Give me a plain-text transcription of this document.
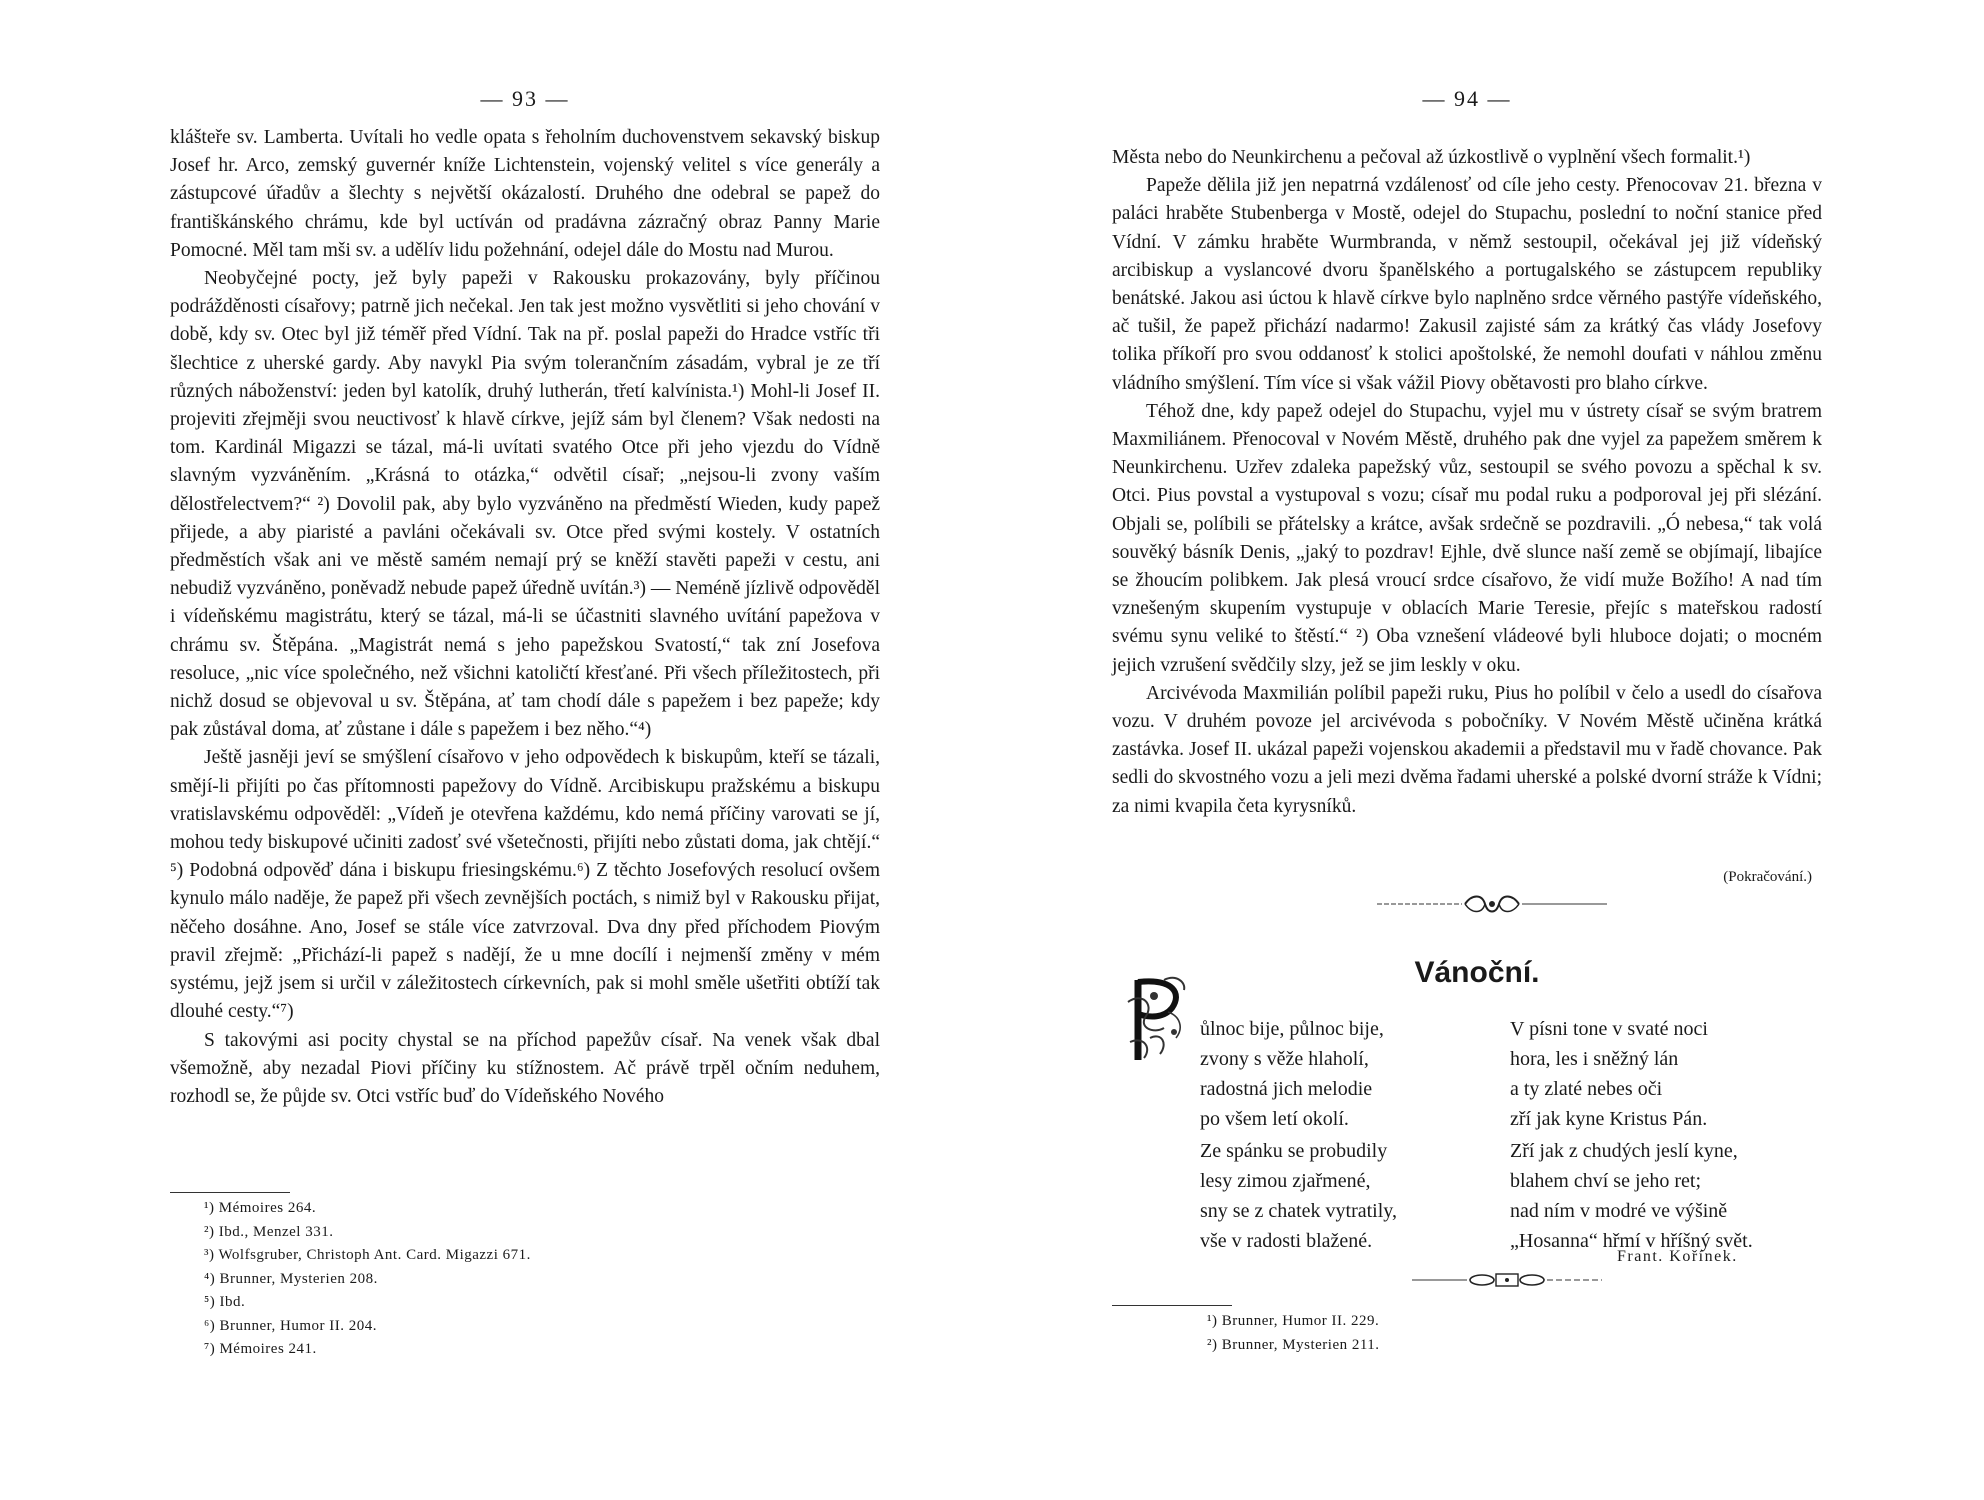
— 93 —

klášteře sv. Lamberta. Uvítali ho vedle opata s řeholním duchovenstvem sekavský biskup Josef hr. Arco, zemský guvernér kníže Lichtenstein, vojenský velitel s více generály a zástupcové úřadův a šlechty s největší okázalostí. Druhého dne odebral se papež do františkánského chrámu, kde byl uctíván od pradávna zázračný obraz Panny Marie Pomocné. Měl tam mši sv. a udělív lidu požehnání, odejel dále do Mostu nad Murou.

Neobyčejné pocty, jež byly papeži v Rakousku prokazovány, byly příčinou podrážděnosti císařovy; patrně jich nečekal. Jen tak jest možno vysvětliti si jeho chování v době, kdy sv. Otec byl již téměř před Vídní. Tak na př. poslal papeži do Hradce vstříc tři šlechtice z uherské gardy. Aby navykl Pia svým tolerančním zásadám, vybral je ze tří různých náboženství: jeden byl katolík, druhý lutherán, třetí kalvínista.¹) Mohl-li Josef II. projeviti zřejměji svou neuctivosť k hlavě církve, jejíž sám byl členem? Však nedosti na tom. Kardinál Migazzi se tázal, má-li uvítati svatého Otce při jeho vjezdu do Vídně slavným vyzváněním. „Krásná to otázka,“ odvětil císař; „nejsou-li zvony vaším dělostřelectvem?“ ²) Dovolil pak, aby bylo vyzváněno na předměstí Wieden, kudy papež přijede, a aby piaristé a pavláni očekávali sv. Otce před svými kostely. V ostatních předměstích však ani ve městě samém nemají prý se kněží stavěti papeži v cestu, ani nebudiž vyzváněno, poněvadž nebude papež úředně uvítán.³) — Neméně jízlivě odpověděl i vídeňskému magistrátu, který se tázal, má-li se účastniti slavného uvítání papežova v chrámu sv. Štěpána. „Magistrát nemá s jeho papežskou Svatostí,“ tak zní Josefova resoluce, „nic více společného, než všichni katoličtí křesťané. Při všech příležitostech, při nichž dosud se objevoval u sv. Štěpána, ať tam chodí dále s papežem i bez papeže; kdy pak zůstával doma, ať zůstane i dále s papežem i bez něho.“⁴)

Ještě jasněji jeví se smýšlení císařovo v jeho odpovědech k biskupům, kteří se tázali, smějí-li přijíti po čas přítomnosti papežovy do Vídně. Arcibiskupu pražskému a biskupu vratislavskému odpověděl: „Vídeň je otevřena každému, kdo nemá příčiny varovati se jí, mohou tedy biskupové učiniti zadosť své všetečnosti, přijíti nebo zůstati doma, jak chtějí.“ ⁵) Podobná odpověď dána i biskupu friesingskému.⁶) Z těchto Josefových resolucí ovšem kynulo málo naděje, že papež při všech zevnějších poctách, s nimiž byl v Rakousku přijat, něčeho dosáhne. Ano, Josef se stále více zatvrzoval. Dva dny před příchodem Piovým pravil zřejmě: „Přichází-li papež s nadějí, že u mne docílí i nejmenší změny v mém systému, jejž jsem si určil v záležitostech církevních, pak si mohl směle ušetřiti obtíží tak dlouhé cesty.“⁷)

S takovými asi pocity chystal se na příchod papežův císař. Na venek však dbal všemožně, aby nezadal Piovi příčiny ku stížnostem. Ač právě trpěl očním neduhem, rozhodl se, že půjde sv. Otci vstříc buď do Vídeňského Nového

¹) Mémoires 264.
²) Ibd., Menzel 331.
³) Wolfsgruber, Christoph Ant. Card. Migazzi 671.
⁴) Brunner, Mysterien 208.
⁵) Ibd.
⁶) Brunner, Humor II. 204.
⁷) Mémoires 241.
— 94 —

Města nebo do Neunkirchenu a pečoval až úzkostlivě o vyplnění všech formalit.¹)

Papeže dělila již jen nepatrná vzdálenosť od cíle jeho cesty. Přenocovav 21. března v paláci hraběte Stubenberga v Mostě, odejel do Stupachu, poslední to noční stanice před Vídní. V zámku hraběte Wurmbranda, v němž sestoupil, očekával jej již vídeňský arcibiskup a vyslancové dvoru španělského a portugalského se zástupcem republiky benátské. Jakou asi úctou k hlavě církve bylo naplněno srdce věrného pastýře vídeňského, ač tušil, že papež přichází nadarmo! Zakusil zajisté sám za krátký čas vlády Josefovy tolika příkoří pro svou oddanosť k stolici apoštolské, že nemohl doufati v náhlou změnu vládního smýšlení. Tím více si však vážil Piovy obětavosti pro blaho církve.

Téhož dne, kdy papež odejel do Stupachu, vyjel mu v ústrety císař se svým bratrem Maxmiliánem. Přenocoval v Novém Městě, druhého pak dne vyjel za papežem směrem k Neunkirchenu. Uzřev zdaleka papežský vůz, sestoupil se svého povozu a spěchal k sv. Otci. Pius povstal a vystupoval s vozu; císař mu podal ruku a podporoval jej při slézání. Objali se, políbili se přátelsky a krátce, avšak srdečně se pozdravili. „Ó nebesa,“ tak volá souvěký básník Denis, „jaký to pozdrav! Ejhle, dvě slunce naší země se objímají, libajíce se žhoucím polibkem. Jak plesá vroucí srdce císařovo, že vidí muže Božího! A nad tím vznešeným skupením vystupuje v oblacích Marie Teresie, přejíc s mateřskou radostí svému synu veliké to štěstí.“ ²) Oba vznešení vládeové byli hluboce dojati; o mocném jejich vzrušení svědčily slzy, jež se jim leskly v oku.

Arcivévoda Maxmilián políbil papeži ruku, Pius ho políbil v čelo a usedl do císařova vozu. V druhém povoze jel arcivévoda s pobočníky. V Novém Městě učiněna krátká zastávka. Josef II. ukázal papeži vojenskou akademii a představil mu v řadě chovance. Pak sedli do skvostného vozu a jeli mezi dvěma řadami uherské a polské dvorní stráže k Vídni; za nimi kvapila četa kyrysníků.

(Pokračování.)
Vánoční.
ůlnoc bije, půlnoc bije,
zvony s věže hlaholí,
radostná jich melodie
po všem letí okolí.
Ze spánku se probudily
lesy zimou zjařmené,
sny se z chatek vytratily,
vše v radosti blažené.
V písni tone v svaté noci
hora, les i sněžný lán
a ty zlaté nebes oči
zří jak kyne Kristus Pán.
Zří jak z chudých jeslí kyne,
blahem chví se jeho ret;
nad ním v modré ve výšině
„Hosanna“ hřmí v hříšný svět.
Frant. Kořínek.
¹) Brunner, Humor II. 229.
²) Brunner, Mysterien 211.
